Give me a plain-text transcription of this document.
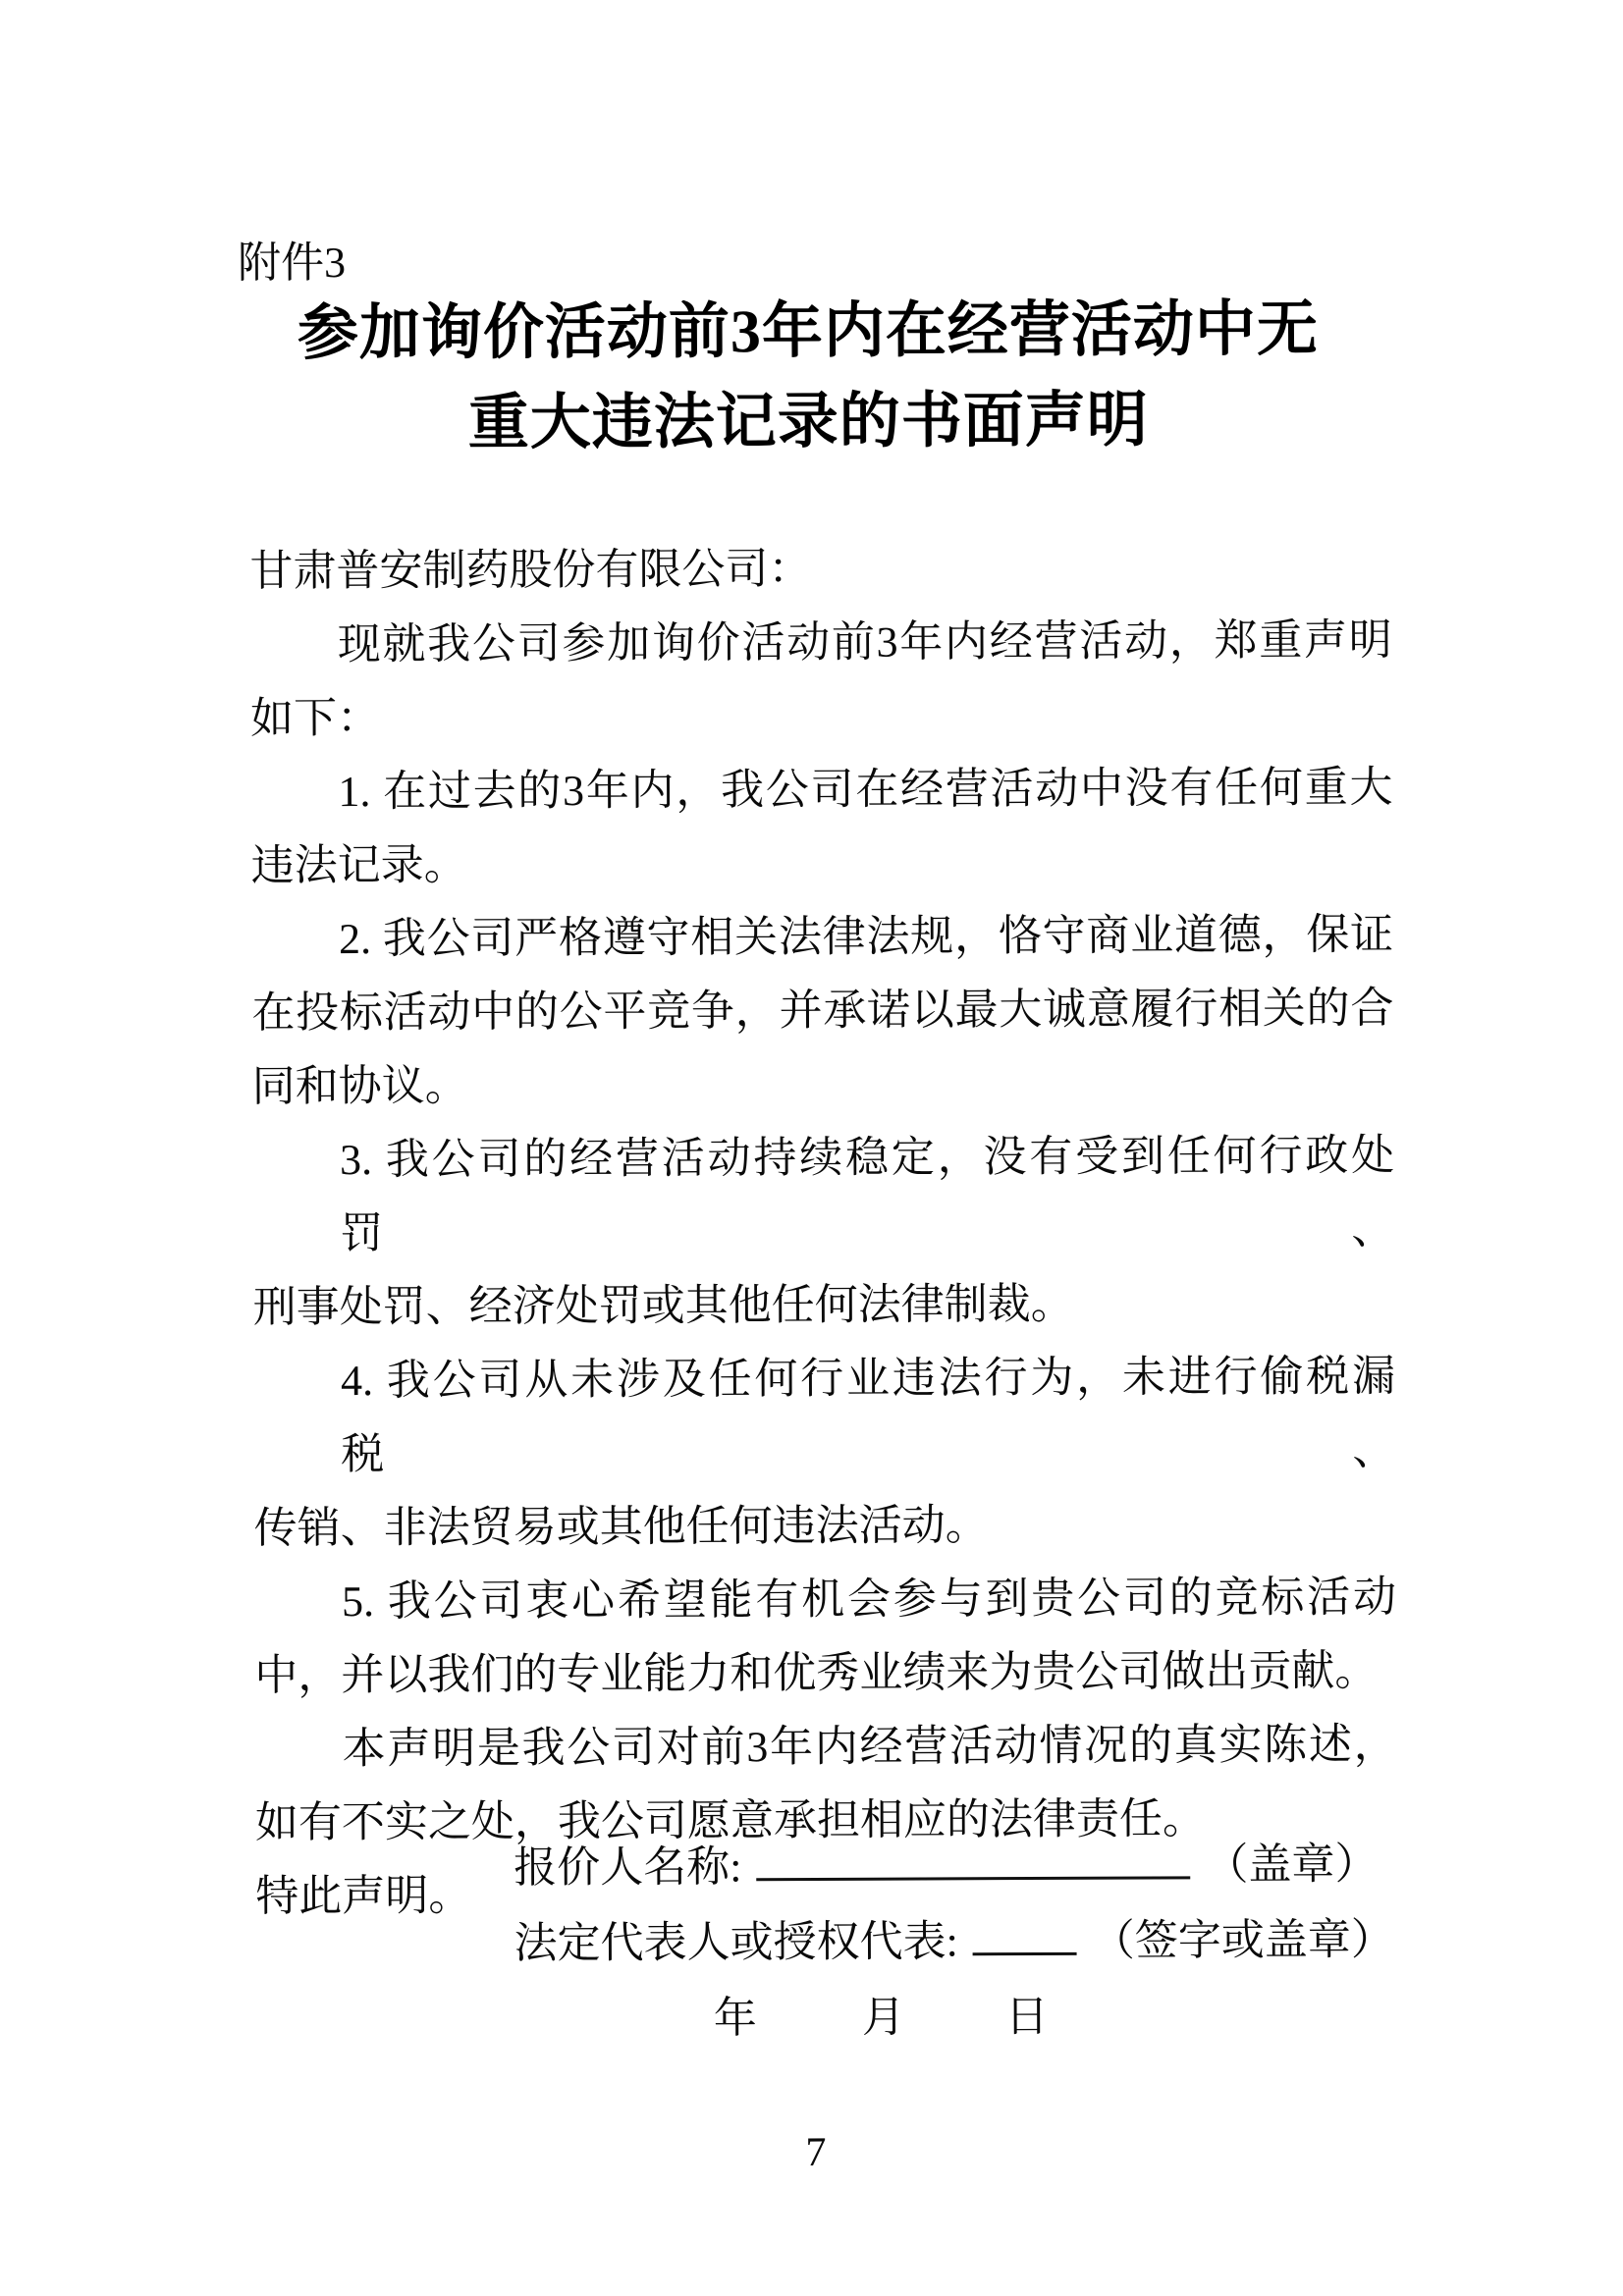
附件3
参加询价活动前3年内在经营活动中无
重大违法记录的书面声明
甘肃普安制药股份有限公司：
现就我公司参加询价活动前3年内经营活动，郑重声明
如下：
1. 在过去的3年内，我公司在经营活动中没有任何重大
违法记录。
2. 我公司严格遵守相关法律法规，恪守商业道德，保证
在投标活动中的公平竞争，并承诺以最大诚意履行相关的合
同和协议。
3. 我公司的经营活动持续稳定，没有受到任何行政处罚、
刑事处罚、经济处罚或其他任何法律制裁。
4. 我公司从未涉及任何行业违法行为，未进行偷税漏税、
传销、非法贸易或其他任何违法活动。
5. 我公司衷心希望能有机会参与到贵公司的竞标活动
中，并以我们的专业能力和优秀业绩来为贵公司做出贡献。
本声明是我公司对前3年内经营活动情况的真实陈述，
如有不实之处，我公司愿意承担相应的法律责任。
特此声明。
报价人名称:	（盖章）
法定代表人或授权代表:	（签字或盖章）
年 月 日
7
